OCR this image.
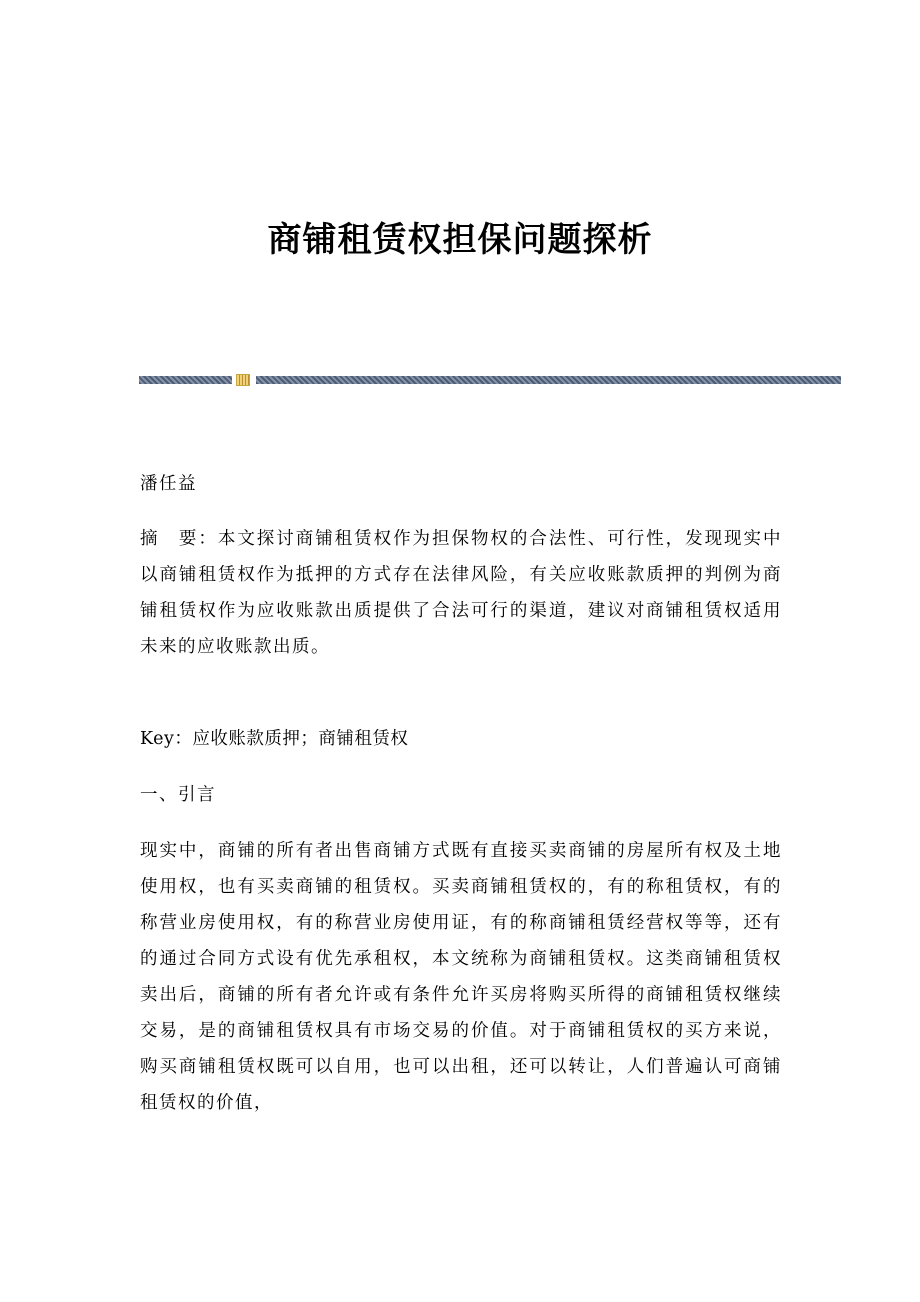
商铺租赁权担保问题探析

潘任益

摘　要：本文探讨商铺租赁权作为担保物权的合法性、可行性，发现现实中以商铺租赁权作为抵押的方式存在法律风险，有关应收账款质押的判例为商铺租赁权作为应收账款出质提供了合法可行的渠道，建议对商铺租赁权适用未来的应收账款出质。

Key：应收账款质押；商铺租赁权

一、引言

现实中，商铺的所有者出售商铺方式既有直接买卖商铺的房屋所有权及土地使用权，也有买卖商铺的租赁权。买卖商铺租赁权的，有的称租赁权，有的称营业房使用权，有的称营业房使用证，有的称商铺租赁经营权等等，还有的通过合同方式设有优先承租权，本文统称为商铺租赁权。这类商铺租赁权卖出后，商铺的所有者允许或有条件允许买房将购买所得的商铺租赁权继续交易，是的商铺租赁权具有市场交易的价值。对于商铺租赁权的买方来说，购买商铺租赁权既可以自用，也可以出租，还可以转让，人们普遍认可商铺租赁权的价值，
